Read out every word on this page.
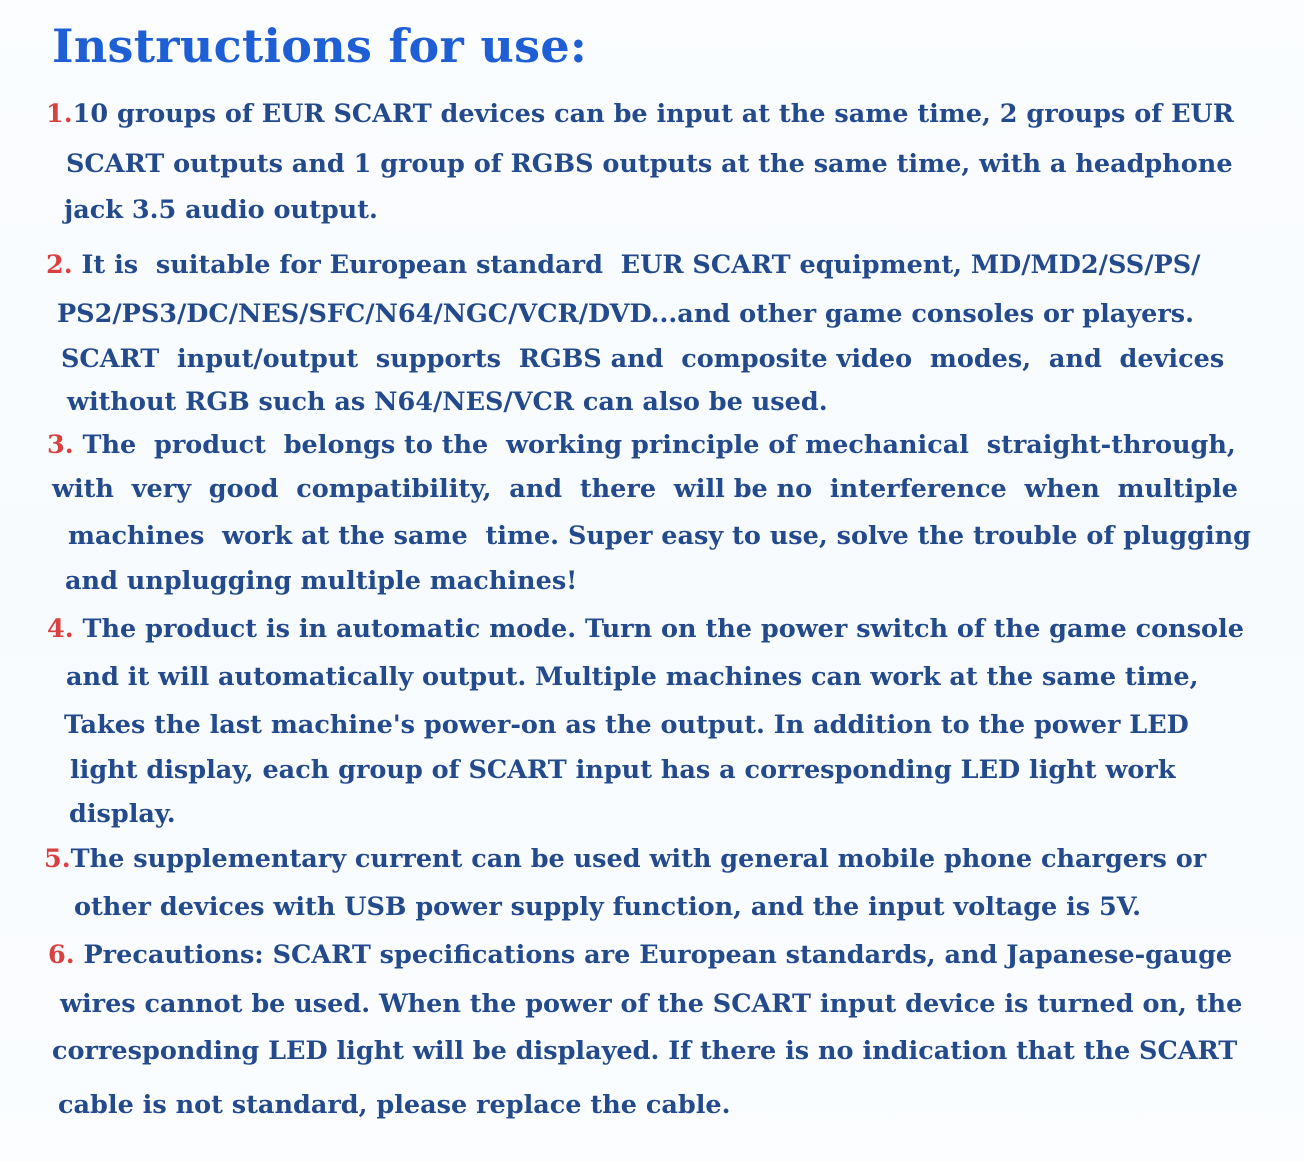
Instructions for use:
1.10 groups of EUR SCART devices can be input at the same time, 2 groups of EUR
SCART outputs and 1 group of RGBS outputs at the same time, with a headphone
jack 3.5 audio output.
2. It is  suitable for European standard  EUR SCART equipment, MD/MD2/SS/PS/
PS2/PS3/DC/NES/SFC/N64/NGC/VCR/DVD...and other game consoles or players.
SCART  input/output  supports  RGBS and  composite video  modes,  and  devices
without RGB such as N64/NES/VCR can also be used.
3. The  product  belongs to the  working principle of mechanical  straight-through,
with  very  good  compatibility,  and  there  will be no  interference  when  multiple
machines  work at the same  time. Super easy to use, solve the trouble of plugging
and unplugging multiple machines!
4. The product is in automatic mode. Turn on the power switch of the game console
and it will automatically output. Multiple machines can work at the same time,
Takes the last machine's power-on as the output. In addition to the power LED
light display, each group of SCART input has a corresponding LED light work
display.
5.The supplementary current can be used with general mobile phone chargers or
other devices with USB power supply function, and the input voltage is 5V.
6. Precautions: SCART specifications are European standards, and Japanese-gauge
wires cannot be used. When the power of the SCART input device is turned on, the
corresponding LED light will be displayed. If there is no indication that the SCART
cable is not standard, please replace the cable.
